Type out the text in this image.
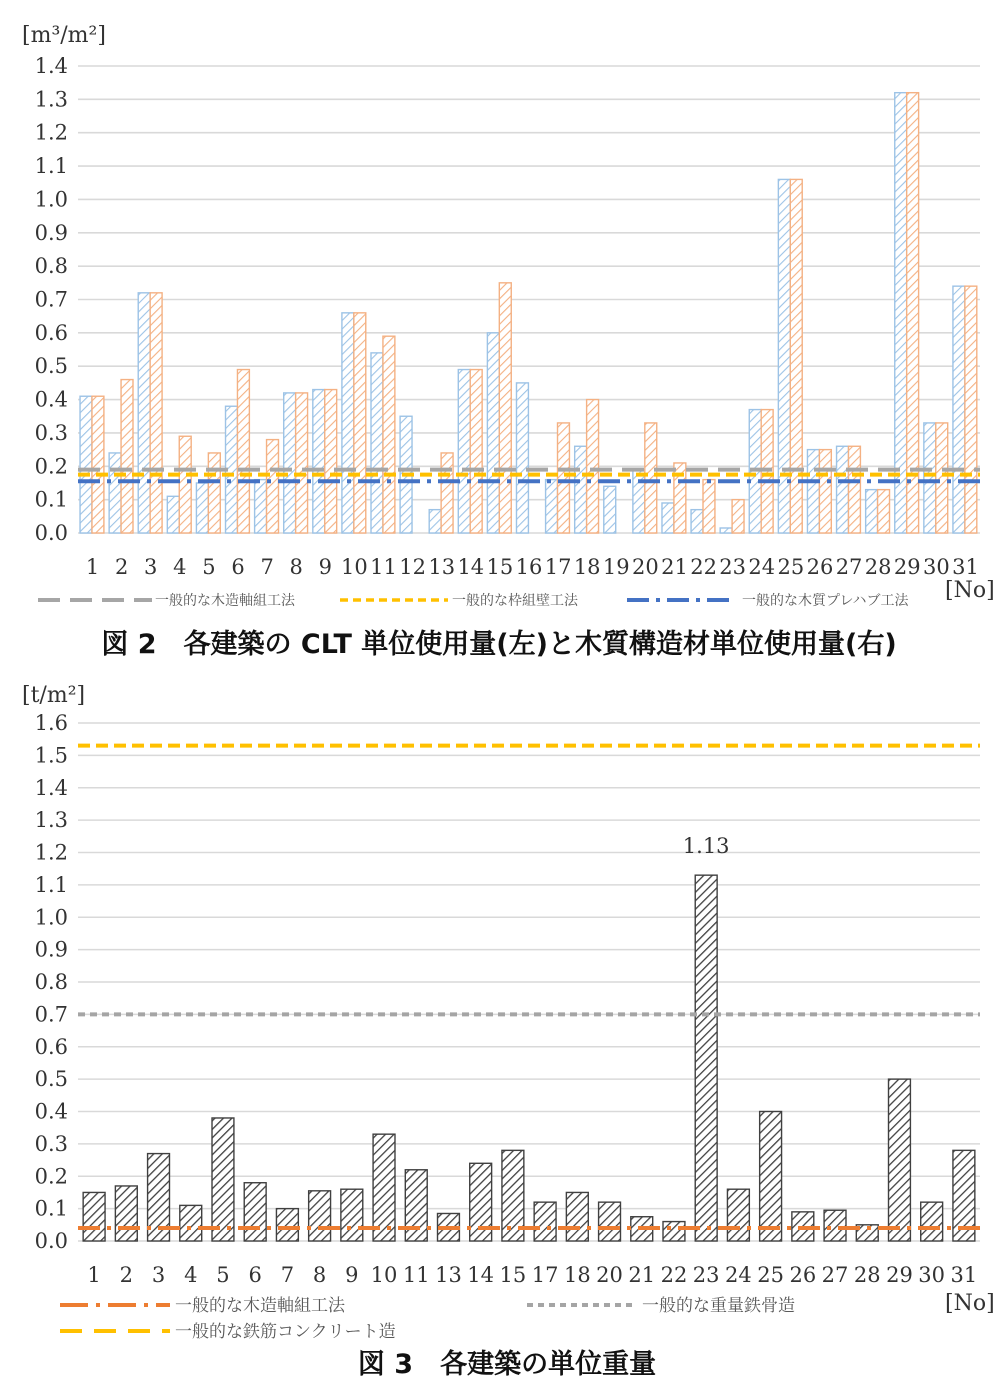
[m³/m²]
0.0
0.1
0.2
0.3
0.4
0.5
0.6
0.7
0.8
0.9
1.0
1.1
1.2
1.3
1.4
1 2 3 4 5 6 7 8 9 10 11 12 13 14 15 16 17 18 19 20 21 22 23 24 25 26 27 28 29 30 31
[No]
一般的な木造軸組工法	一般的な枠組壁工法	一般的な木質プレハブ工法
図 2　各建築の CLT 単位使用量(左)と木質構造材単位使用量(右)
[t/m²]
0.0
0.1
0.2
0.3
0.4
0.5
0.6
0.7
0.8
0.9
1.0
1.1
1.2
1.3
1.4
1.5
1.6
1 2 3 4 5 6 7 8 9 10 11 13 14 15 17 18 20 21 22 23 24 25 26 27 28 29 30 31
1.13
[No]
一般的な木造軸組工法	一般的な重量鉄骨造
一般的な鉄筋コンクリート造
図 3　各建築の単位重量
